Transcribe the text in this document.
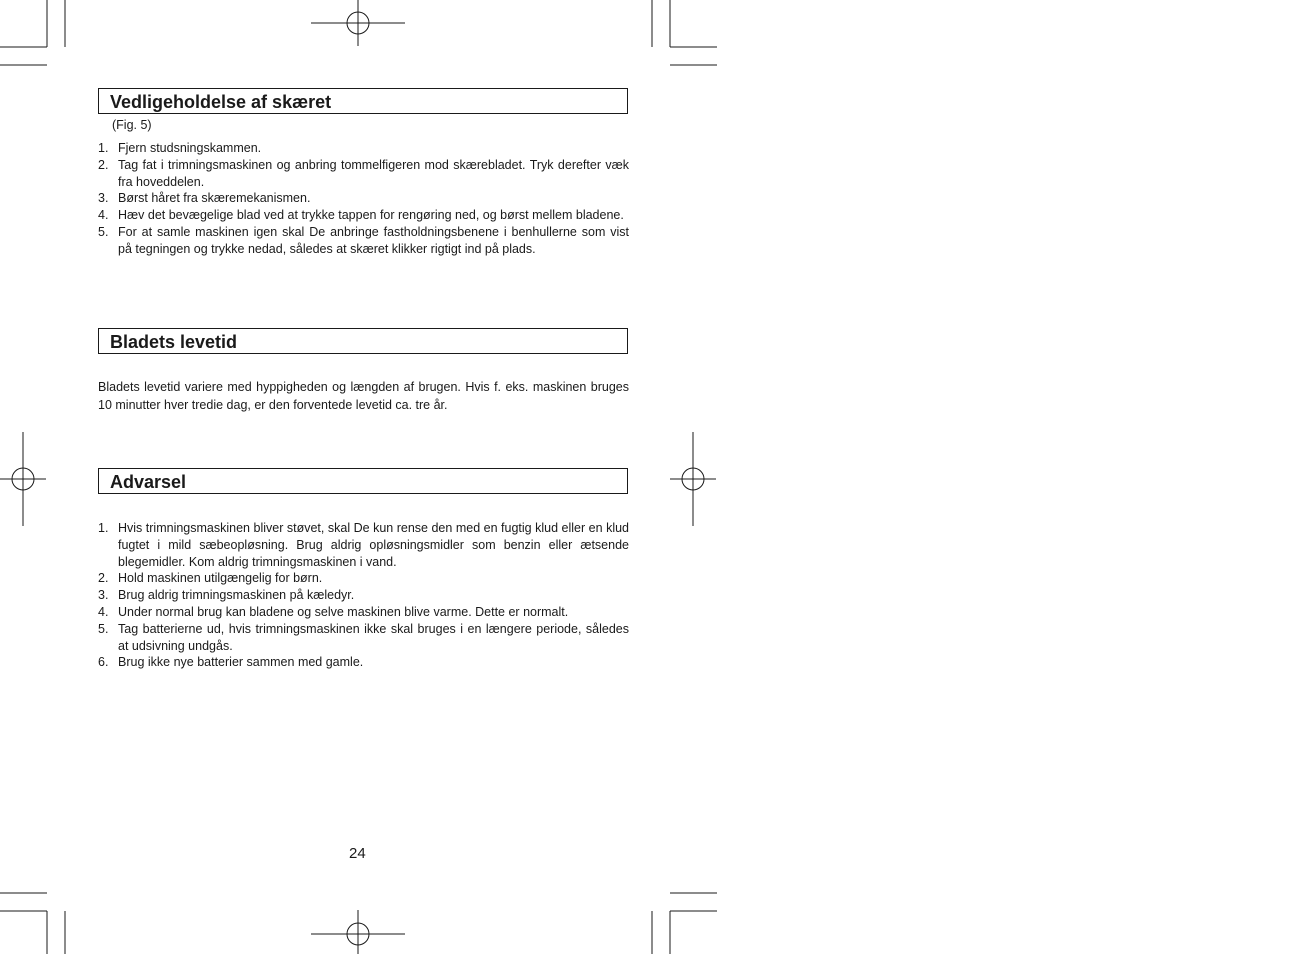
Vedligeholdelse af skæret
(Fig. 5)
1. Fjern studsningskammen.
2. Tag fat i trimningsmaskinen og anbring tommelfigeren mod skærebladet. Tryk derefter væk fra hoveddelen.
3. Børst håret fra skæremekanismen.
4. Hæv det bevægelige blad ved at trykke tappen for rengøring ned, og børst mellem bladene.
5. For at samle maskinen igen skal De anbringe fastholdningsbenene i benhullerne som vist på tegningen og trykke nedad, således at skæret klikker rigtigt ind på plads.
Bladets levetid

Bladets levetid variere med hyppigheden og længden af brugen. Hvis f. eks. maskinen bruges 10 minutter hver tredie dag, er den forventede levetid ca. tre år.

Advarsel
1. Hvis trimningsmaskinen bliver støvet, skal De kun rense den med en fugtig klud eller en klud fugtet i mild sæbeopløsning. Brug aldrig opløsningsmidler som benzin eller ætsende blegemidler. Kom aldrig trimningsmaskinen i vand.
2. Hold maskinen utilgængelig for børn.
3. Brug aldrig trimningsmaskinen på kæledyr.
4. Under normal brug kan bladene og selve maskinen blive varme. Dette er normalt.
5. Tag batterierne ud, hvis trimningsmaskinen ikke skal bruges i en længere periode, således at udsivning undgås.
6. Brug ikke nye batterier sammen med gamle.
24
